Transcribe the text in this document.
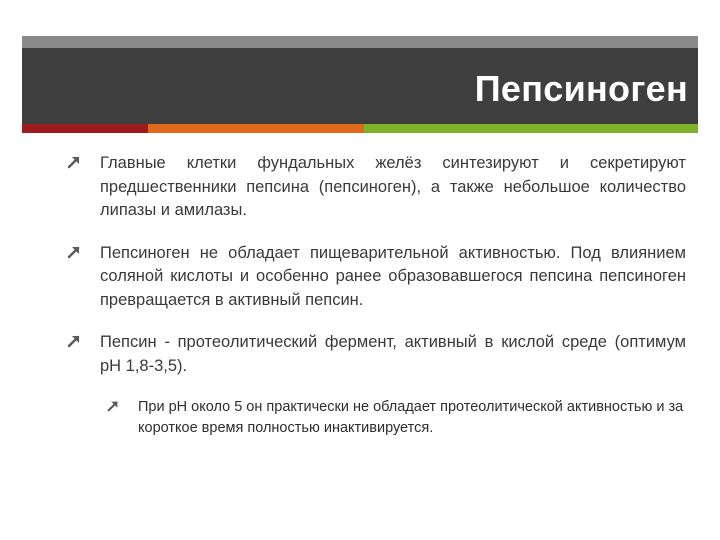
Пепсиноген

Главные клетки фундальных желёз синтезируют и секретируют предшественники пепсина (пепсиноген), а также небольшое количество липазы и амилазы.

Пепсиноген не обладает пищеварительной активностью. Под влиянием соляной кислоты и особенно ранее образовавшегося пепсина пепсиноген превращается в активный пепсин.

Пепсин - протеолитический фермент, активный в кислой среде (оптимум pH 1,8-3,5).

При pH около 5 он практически не обладает протеолитической активностью и за короткое время полностью инактивируется.
